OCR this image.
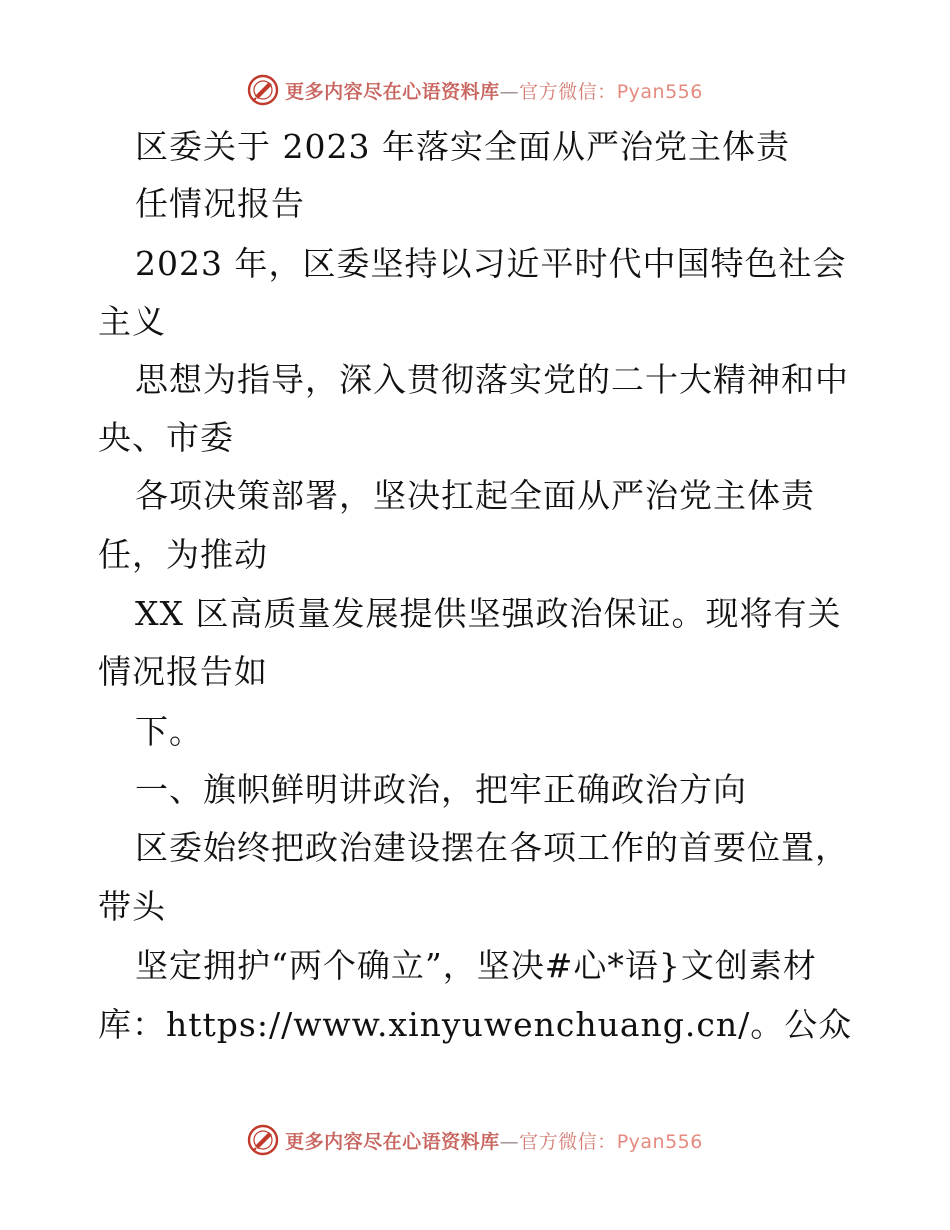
更多内容尽在心语资料库—官方微信：Pyan556
区委关于 2023 年落实全面从严治党主体责
任情况报告
2023 年，区委坚持以习近平时代中国特色社会
主义
思想为指导，深入贯彻落实党的二十大精神和中
央、市委
各项决策部署，坚决扛起全面从严治党主体责
任，为推动
XX 区高质量发展提供坚强政治保证。现将有关
情况报告如
下。
一、旗帜鲜明讲政治，把牢正确政治方向
区委始终把政治建设摆在各项工作的首要位置，
带头
坚定拥护“两个确立”，坚决#心*语}文创素材
库：https://www.xinyuwenchuang.cn/。公众
更多内容尽在心语资料库—官方微信：Pyan556
